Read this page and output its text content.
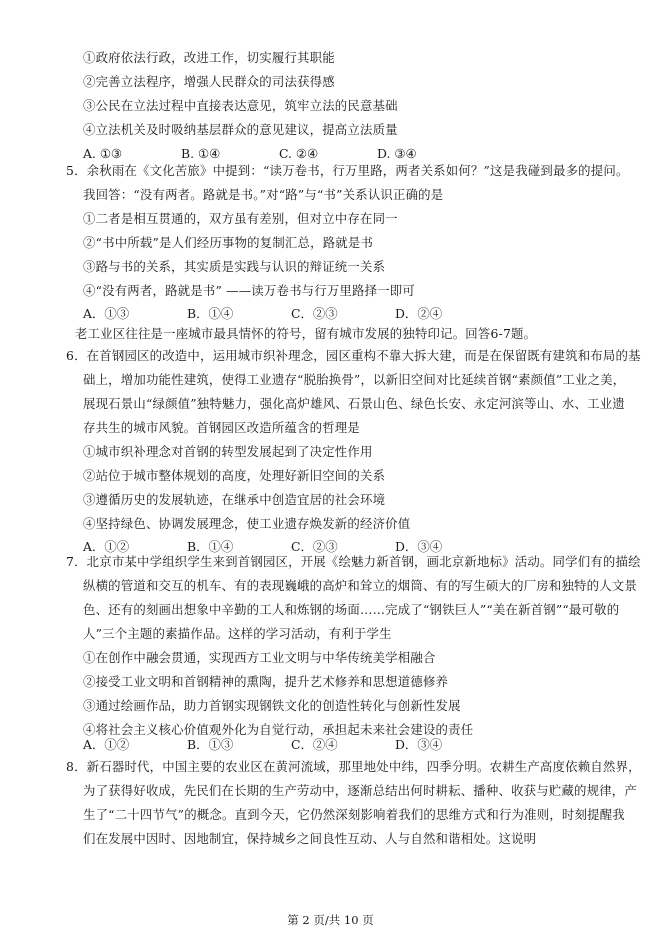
①政府依法行政，改进工作，切实履行其职能
②完善立法程序，增强人民群众的司法获得感
③公民在立法过程中直接表达意见，筑牢立法的民意基础
④立法机关及时吸纳基层群众的意见建议，提高立法质量
A. ①③	B. ①④	C. ②④	D. ③④
5．余秋雨在《文化苦旅》中提到：“读万卷书，行万里路，两者关系如何？”这是我碰到最多的提问。
我回答：“没有两者。路就是书。”对“路”与“书”关系认识正确的是
①二者是相互贯通的，双方虽有差别，但对立中存在同一
②“书中所载”是人们经历事物的复制汇总，路就是书
③路与书的关系，其实质是实践与认识的辩证统一关系
④“没有两者，路就是书” ——读万卷书与行万里路择一即可
A．①③	B．①④	C．②③	D．②④
老工业区往往是一座城市最具情怀的符号，留有城市发展的独特印记。回答6-7题。
6．在首钢园区的改造中，运用城市织补理念，园区重构不靠大拆大建，而是在保留既有建筑和布局的基
础上，增加功能性建筑，使得工业遗存“脱胎换骨”，以新旧空间对比延续首钢“素颜值”工业之美，
展现石景山“绿颜值”独特魅力，强化高炉雄风、石景山色、绿色长安、永定河滨等山、水、工业遗
存共生的城市风貌。首钢园区改造所蕴含的哲理是
①城市织补理念对首钢的转型发展起到了决定性作用
②站位于城市整体规划的高度，处理好新旧空间的关系
③遵循历史的发展轨迹，在继承中创造宜居的社会环境
④坚持绿色、协调发展理念，使工业遗存焕发新的经济价值
A．①②	B．①④	C．②③	D．③④
7．北京市某中学组织学生来到首钢园区，开展《绘魅力新首钢，画北京新地标》活动。同学们有的描绘
纵横的管道和交互的机车、有的表现巍峨的高炉和耸立的烟筒、有的写生硕大的厂房和独特的人文景
色、还有的刻画出想象中辛勤的工人和炼钢的场面……完成了“钢铁巨人”“美在新首钢”“最可敬的
人”三个主题的素描作品。这样的学习活动，有利于学生
①在创作中融会贯通，实现西方工业文明与中华传统美学相融合
②接受工业文明和首钢精神的熏陶，提升艺术修养和思想道德修养
③通过绘画作品，助力首钢实现钢铁文化的创造性转化与创新性发展
④将社会主义核心价值观外化为自觉行动，承担起未来社会建设的责任
A．①②	B．①③	C．②④	D．③④
8．新石器时代，中国主要的农业区在黄河流域，那里地处中纬，四季分明。农耕生产高度依赖自然界，
为了获得好收成，先民们在长期的生产劳动中，逐渐总结出何时耕耘、播种、收获与贮藏的规律，产
生了“二十四节气”的概念。直到今天，它仍然深刻影响着我们的思维方式和行为准则，时刻提醒我
们在发展中因时、因地制宜，保持城乡之间良性互动、人与自然和谐相处。这说明
第 2 页/共 10 页
